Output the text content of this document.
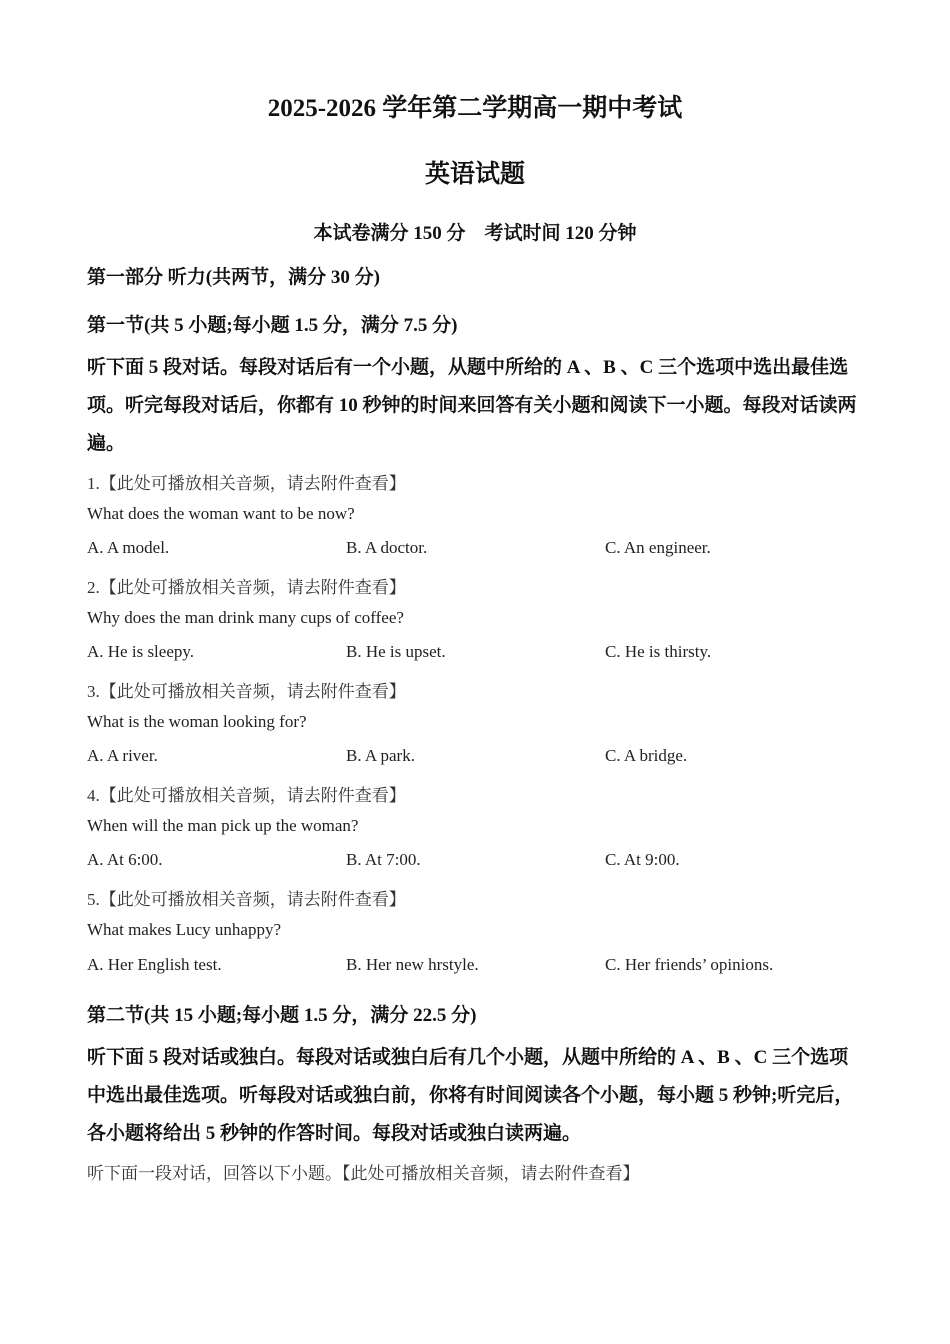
2025-2026 学年第二学期高一期中考试
英语试题
本试卷满分 150 分　考试时间 120 分钟
第一部分 听力(共两节，满分 30 分)
第一节(共 5 小题;每小题 1.5 分，满分 7.5 分)
听下面 5 段对话。每段对话后有一个小题，从题中所给的 A 、B 、C 三个选项中选出最佳选项。听完每段对话后，你都有 10 秒钟的时间来回答有关小题和阅读下一小题。每段对话读两遍。
1.【此处可播放相关音频，请去附件查看】
What does the woman want to be now?
A. A model.	B. A doctor.	C. An engineer.
2.【此处可播放相关音频，请去附件查看】
Why does the man drink many cups of coffee?
A. He is sleepy.	B. He is upset.	C. He is thirsty.
3.【此处可播放相关音频，请去附件查看】
What is the woman looking for?
A. A river.	B. A park.	C. A bridge.
4.【此处可播放相关音频，请去附件查看】
When will the man pick up the woman?
A. At 6:00.	B. At 7:00.	C. At 9:00.
5.【此处可播放相关音频，请去附件查看】
What makes Lucy unhappy?
A. Her English test.	B. Her new hrstyle.	C. Her friends’ opinions.
第二节(共 15 小题;每小题 1.5 分，满分 22.5 分)
听下面 5 段对话或独白。每段对话或独白后有几个小题，从题中所给的 A 、B 、C 三个选项中选出最佳选项。听每段对话或独白前，你将有时间阅读各个小题，每小题 5 秒钟;听完后，各小题将给出 5 秒钟的作答时间。每段对话或独白读两遍。
听下面一段对话，回答以下小题。【此处可播放相关音频，请去附件查看】
